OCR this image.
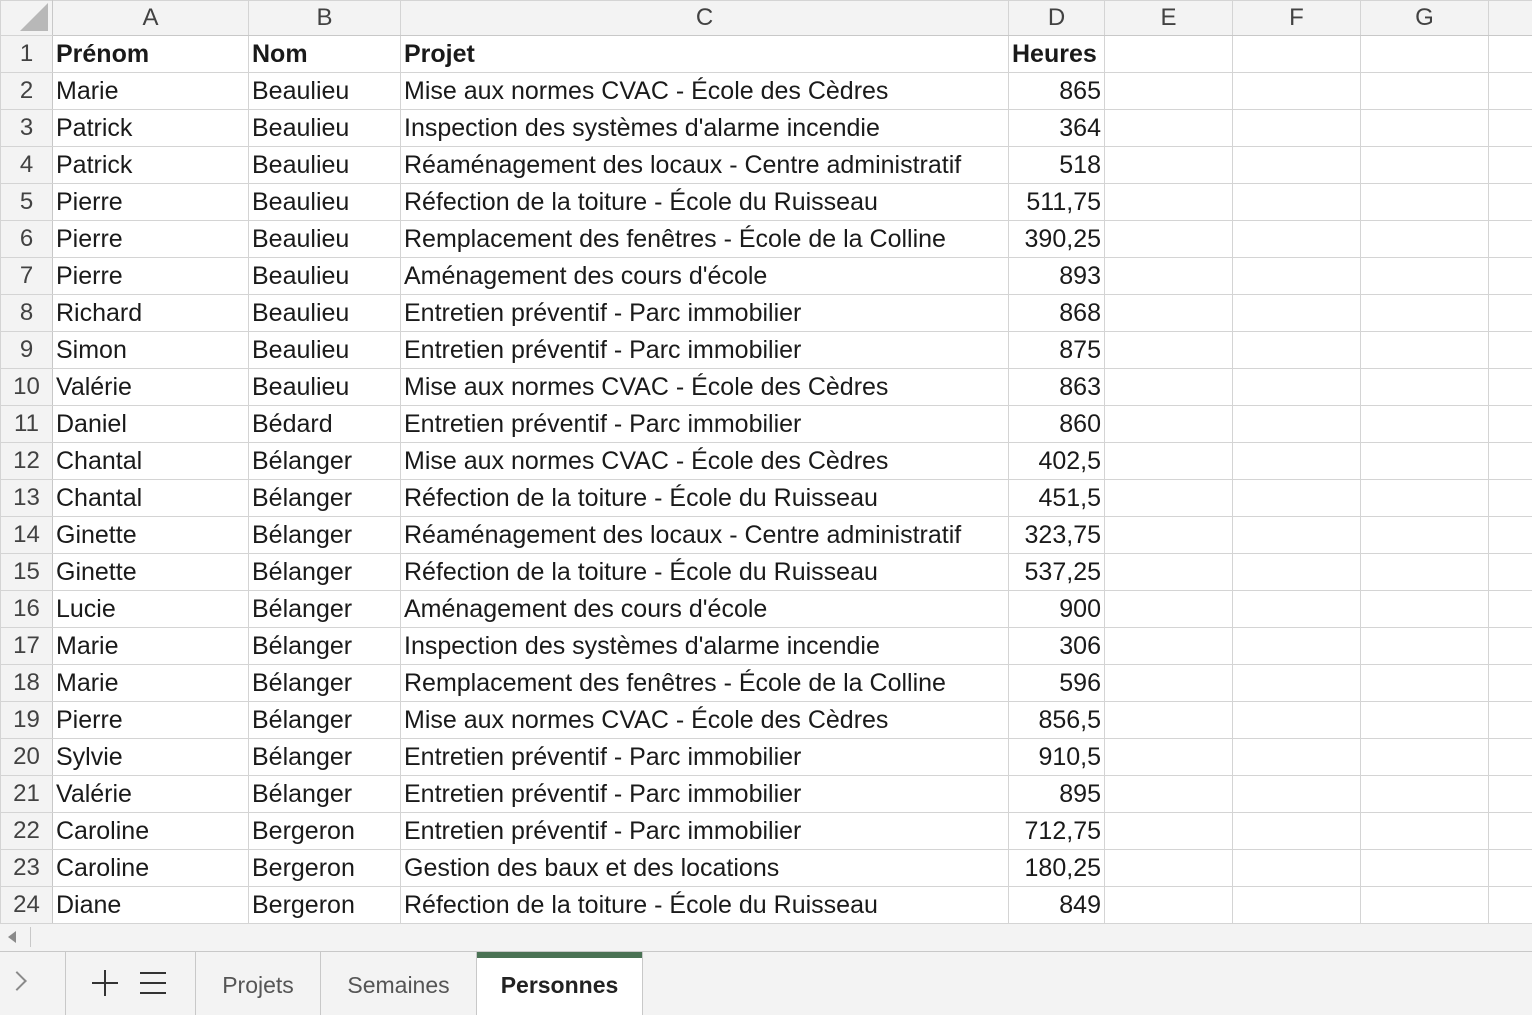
	A	B	C	D	E	F	G	
1	Prénom	Nom	Projet	Heures				
2	Marie	Beaulieu	Mise aux normes CVAC - École des Cèdres	865				
3	Patrick	Beaulieu	Inspection des systèmes d'alarme incendie	364				
4	Patrick	Beaulieu	Réaménagement des locaux - Centre administratif	518				
5	Pierre	Beaulieu	Réfection de la toiture - École du Ruisseau	511,75				
6	Pierre	Beaulieu	Remplacement des fenêtres - École de la Colline	390,25				
7	Pierre	Beaulieu	Aménagement des cours d'école	893				
8	Richard	Beaulieu	Entretien préventif - Parc immobilier	868				
9	Simon	Beaulieu	Entretien préventif - Parc immobilier	875				
10	Valérie	Beaulieu	Mise aux normes CVAC - École des Cèdres	863				
11	Daniel	Bédard	Entretien préventif - Parc immobilier	860				
12	Chantal	Bélanger	Mise aux normes CVAC - École des Cèdres	402,5				
13	Chantal	Bélanger	Réfection de la toiture - École du Ruisseau	451,5				
14	Ginette	Bélanger	Réaménagement des locaux - Centre administratif	323,75				
15	Ginette	Bélanger	Réfection de la toiture - École du Ruisseau	537,25				
16	Lucie	Bélanger	Aménagement des cours d'école	900				
17	Marie	Bélanger	Inspection des systèmes d'alarme incendie	306				
18	Marie	Bélanger	Remplacement des fenêtres - École de la Colline	596				
19	Pierre	Bélanger	Mise aux normes CVAC - École des Cèdres	856,5				
20	Sylvie	Bélanger	Entretien préventif - Parc immobilier	910,5				
21	Valérie	Bélanger	Entretien préventif - Parc immobilier	895				
22	Caroline	Bergeron	Entretien préventif - Parc immobilier	712,75				
23	Caroline	Bergeron	Gestion des baux et des locations	180,25				
24	Diane	Bergeron	Réfection de la toiture - École du Ruisseau	849				
Projets	Semaines	Personnes
